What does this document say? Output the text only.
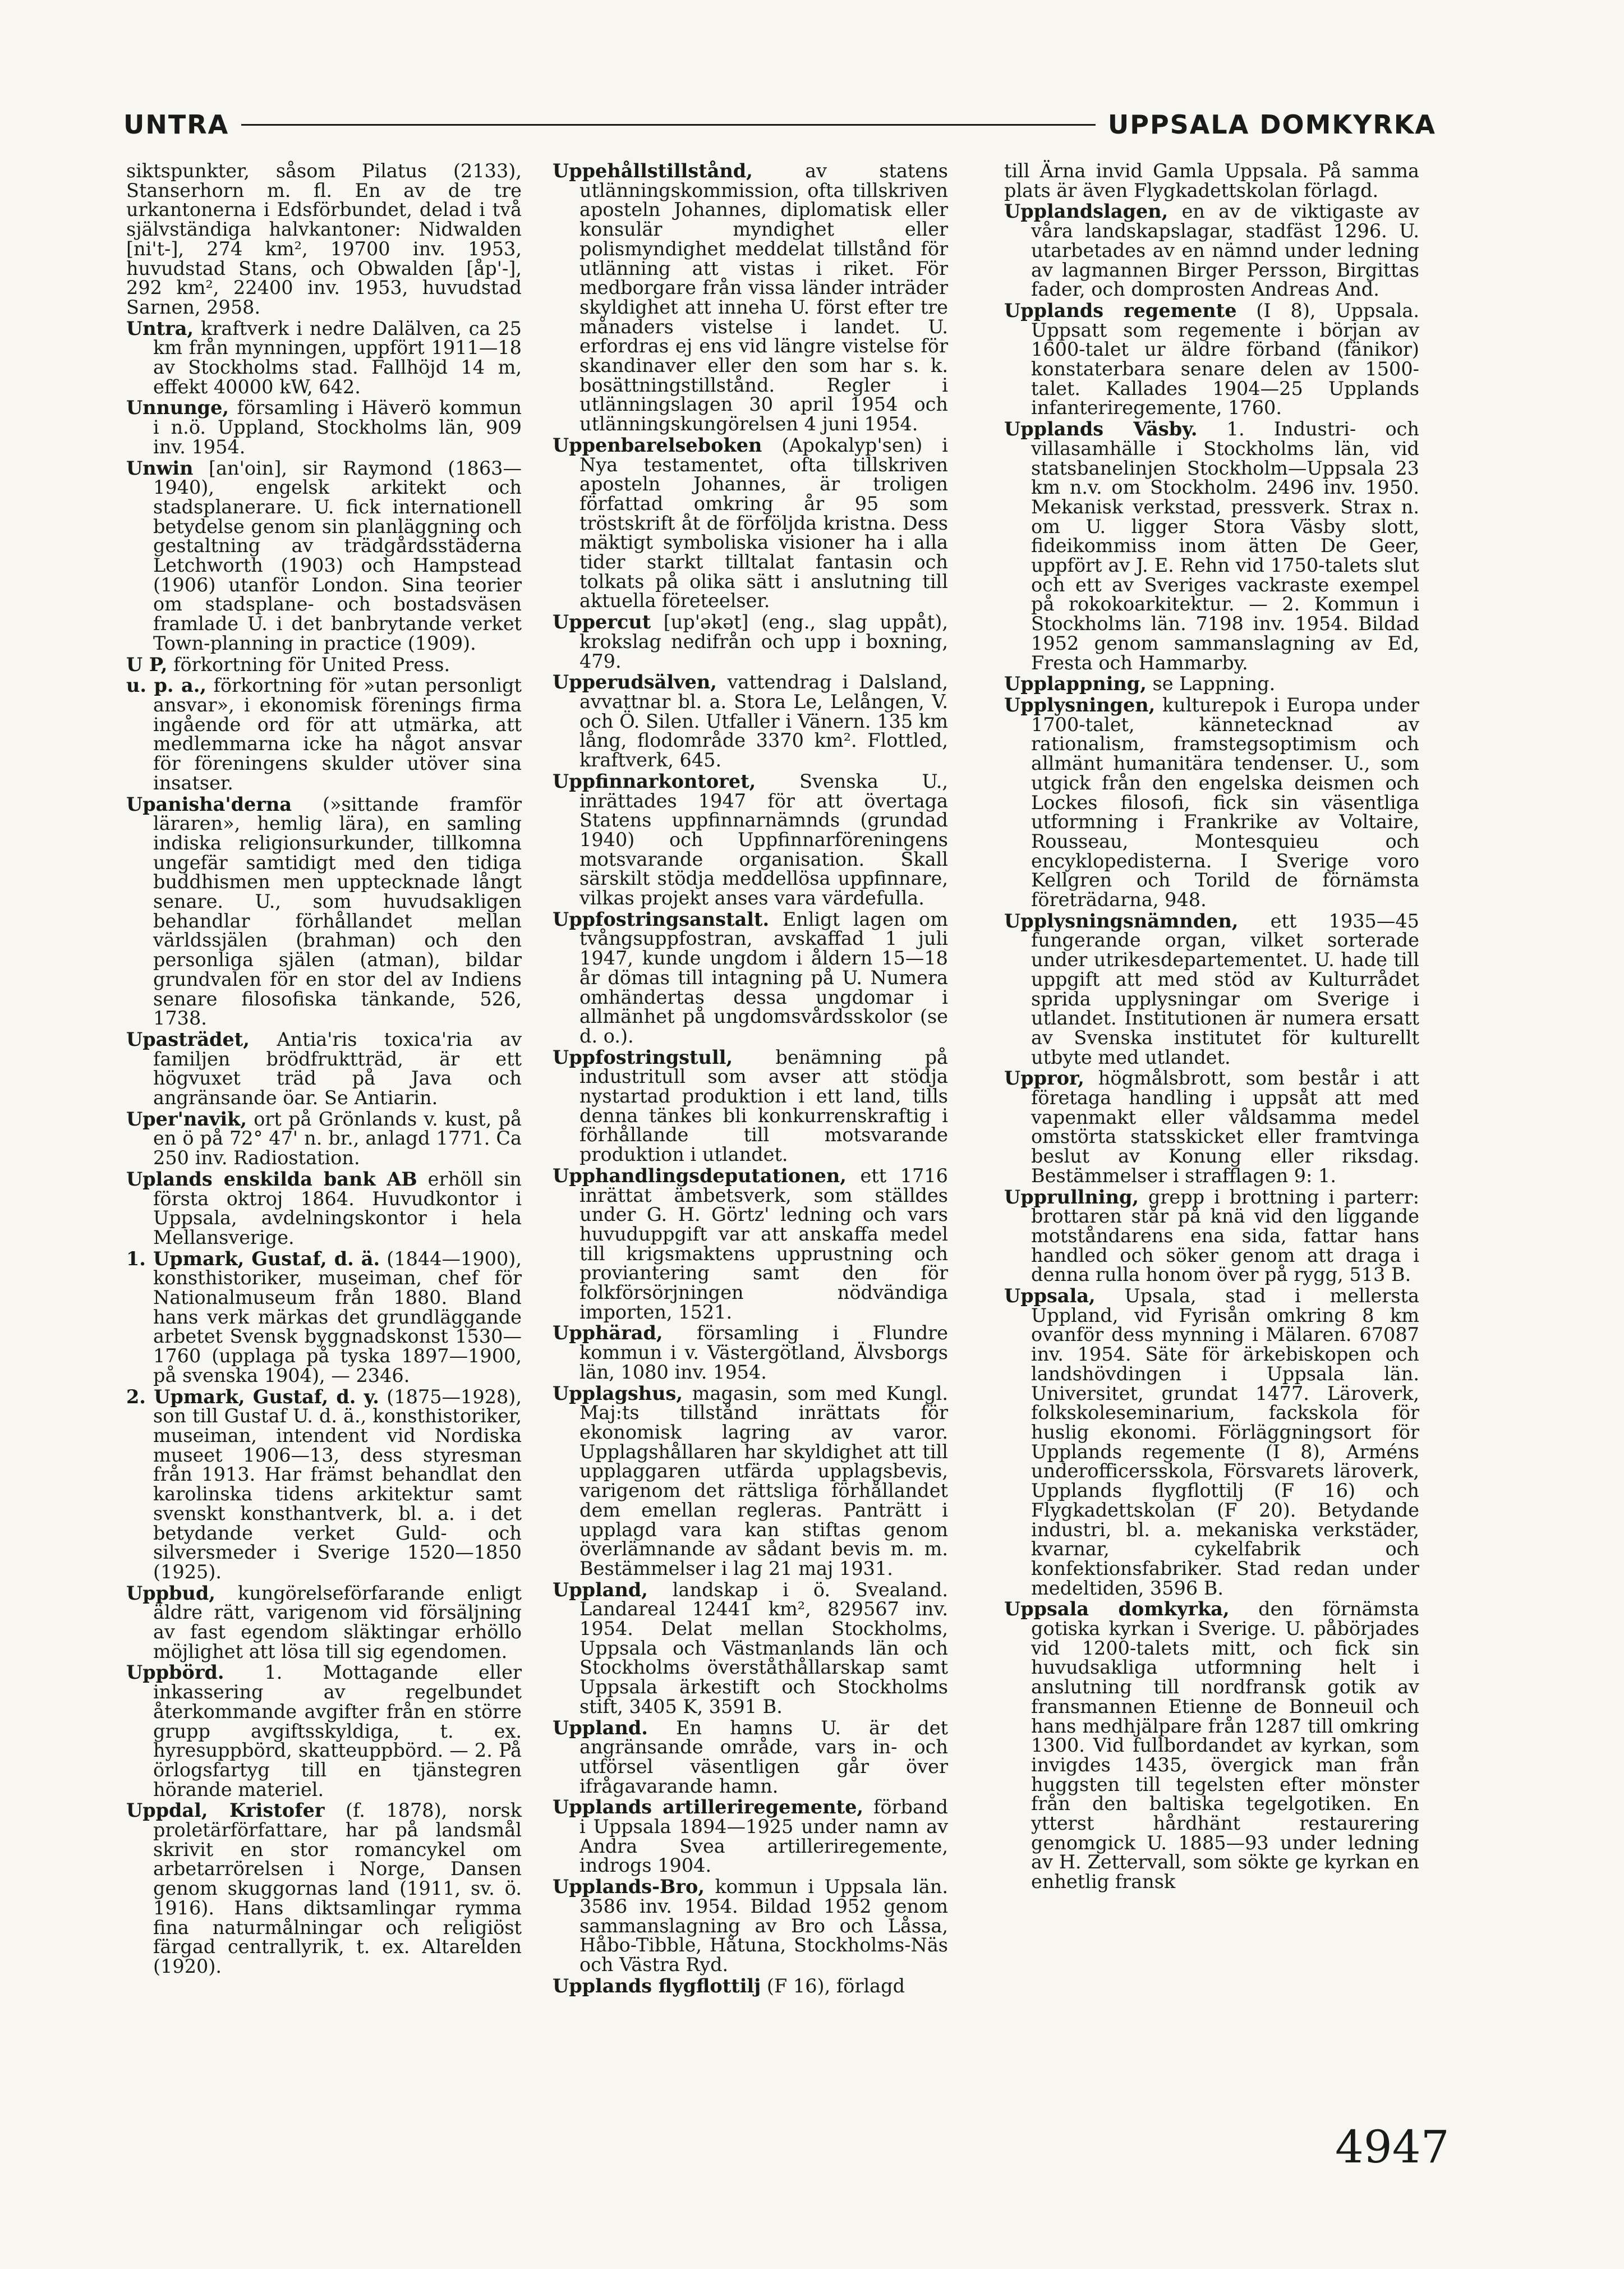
UNTRA	UPPSALA DOMKYRKA

siktspunkter, såsom Pilatus (2133), Stanserhorn m. fl. En av de tre urkantonerna i Edsförbundet, delad i två självständiga halvkantoner: Nidwalden [ni't-], 274 km², 19700 inv. 1953, huvudstad Stans, och Obwalden [åp'-], 292 km², 22400 inv. 1953, huvudstad Sarnen, 2958.

Untra, kraftverk i nedre Dalälven, ca 25 km från mynningen, uppfört 1911—18 av Stockholms stad. Fallhöjd 14 m, effekt 40000 kW, 642.

Unnunge, församling i Häverö kommun i n.ö. Uppland, Stockholms län, 909 inv. 1954.

Unwin [an'oin], sir Raymond (1863—1940), engelsk arkitekt och stadsplanerare. U. fick internationell betydelse genom sin planläggning och gestaltning av trädgårdsstäderna Letchworth (1903) och Hampstead (1906) utanför London. Sina teorier om stadsplane- och bostadsväsen framlade U. i det banbrytande verket Town-planning in practice (1909).

U P, förkortning för United Press.

u. p. a., förkortning för »utan personligt ansvar», i ekonomisk förenings firma ingående ord för att utmärka, att medlemmarna icke ha något ansvar för föreningens skulder utöver sina insatser.

Upanisha'derna (»sittande framför läraren», hemlig lära), en samling indiska religionsurkunder, tillkomna ungefär samtidigt med den tidiga buddhismen men upptecknade långt senare. U., som huvudsakligen behandlar förhållandet mellan världssjälen (brahman) och den personliga själen (atman), bildar grundvalen för en stor del av Indiens senare filosofiska tänkande, 526, 1738.

Upasträdet, Antia'ris toxica'ria av familjen brödfruktträd, är ett högvuxet träd på Java och angränsande öar. Se Antiarin.

Uper'navik, ort på Grönlands v. kust, på en ö på 72° 47' n. br., anlagd 1771. Ca 250 inv. Radiostation.

Uplands enskilda bank AB erhöll sin första oktroj 1864. Huvudkontor i Uppsala, avdelningskontor i hela Mellansverige.

1. Upmark, Gustaf, d. ä. (1844—1900), konsthistoriker, museiman, chef för Nationalmuseum från 1880. Bland hans verk märkas det grundläggande arbetet Svensk byggnadskonst 1530—1760 (upplaga på tyska 1897—1900, på svenska 1904), — 2346.

2. Upmark, Gustaf, d. y. (1875—1928), son till Gustaf U. d. ä., konsthistoriker, museiman, intendent vid Nordiska museet 1906—13, dess styresman från 1913. Har främst behandlat den karolinska tidens arkitektur samt svenskt konsthantverk, bl. a. i det betydande verket Guld- och silversmeder i Sverige 1520—1850 (1925).

Uppbud, kungörelseförfarande enligt äldre rätt, varigenom vid försäljning av fast egendom släktingar erhöllo möjlighet att lösa till sig egendomen.

Uppbörd. 1. Mottagande eller inkassering av regelbundet återkommande avgifter från en större grupp avgiftsskyldiga, t. ex. hyresuppbörd, skatteuppbörd. — 2. På örlogsfartyg till en tjänstegren hörande materiel.

Uppdal, Kristofer (f. 1878), norsk proletärförfattare, har på landsmål skrivit en stor romancykel om arbetarrörelsen i Norge, Dansen genom skuggornas land (1911, sv. ö. 1916). Hans diktsamlingar rymma fina naturmålningar och religiöst färgad centrallyrik, t. ex. Altarelden (1920).

Uppehållstillstånd, av statens utlänningskommission, ofta tillskriven aposteln Johannes, diplomatisk eller konsulär myndighet eller polismyndighet meddelat tillstånd för utlänning att vistas i riket. För medborgare från vissa länder inträder skyldighet att inneha U. först efter tre månaders vistelse i landet. U. erfordras ej ens vid längre vistelse för skandinaver eller den som har s. k. bosättningstillstånd. Regler i utlänningslagen 30 april 1954 och utlänningskungörelsen 4 juni 1954.

Uppenbarelseboken (Apokalyp'sen) i Nya testamentet, ofta tillskriven aposteln Johannes, är troligen författad omkring år 95 som tröstskrift åt de förföljda kristna. Dess mäktigt symboliska visioner ha i alla tider starkt tilltalat fantasin och tolkats på olika sätt i anslutning till aktuella företeelser.

Uppercut [up'əkət] (eng., slag uppåt), krokslag nedifrån och upp i boxning, 479.

Upperudsälven, vattendrag i Dalsland, avvattnar bl. a. Stora Le, Lelången, V. och Ö. Silen. Utfaller i Vänern. 135 km lång, flodområde 3370 km². Flottled, kraftverk, 645.

Uppfinnarkontoret, Svenska U., inrättades 1947 för att övertaga Statens uppfinnarnämnds (grundad 1940) och Uppfinnarföreningens motsvarande organisation. Skall särskilt stödja meddellösa uppfinnare, vilkas projekt anses vara värdefulla.

Uppfostringsanstalt. Enligt lagen om tvångsuppfostran, avskaffad 1 juli 1947, kunde ungdom i åldern 15—18 år dömas till intagning på U. Numera omhändertas dessa ungdomar i allmänhet på ungdomsvårdsskolor (se d. o.).

Uppfostringstull, benämning på industritull som avser att stödja nystartad produktion i ett land, tills denna tänkes bli konkurrenskraftig i förhållande till motsvarande produktion i utlandet.

Upphandlingsdeputationen, ett 1716 inrättat ämbetsverk, som ställdes under G. H. Görtz' ledning och vars huvuduppgift var att anskaffa medel till krigsmaktens upprustning och proviantering samt den för folkförsörjningen nödvändiga importen, 1521.

Upphärad, församling i Flundre kommun i v. Västergötland, Älvsborgs län, 1080 inv. 1954.

Upplagshus, magasin, som med Kungl. Maj:ts tillstånd inrättats för ekonomisk lagring av varor. Upplagshållaren har skyldighet att till upplaggaren utfärda upplagsbevis, varigenom det rättsliga förhållandet dem emellan regleras. Panträtt i upplagd vara kan stiftas genom överlämnande av sådant bevis m. m. Bestämmelser i lag 21 maj 1931.

Uppland, landskap i ö. Svealand. Landareal 12441 km², 829567 inv. 1954. Delat mellan Stockholms, Uppsala och Västmanlands län och Stockholms överståthållarskap samt Uppsala ärkestift och Stockholms stift, 3405 K, 3591 B.

Uppland. En hamns U. är det angränsande område, vars in- och utförsel väsentligen går över ifrågavarande hamn.

Upplands artilleriregemente, förband i Uppsala 1894—1925 under namn av Andra Svea artilleriregemente, indrogs 1904.

Upplands-Bro, kommun i Uppsala län. 3586 inv. 1954. Bildad 1952 genom sammanslagning av Bro och Låssa, Håbo-Tibble, Håtuna, Stockholms-Näs och Västra Ryd.

Upplands flygflottilj (F 16), förlagd

till Ärna invid Gamla Uppsala. På samma plats är även Flygkadettskolan förlagd.

Upplandslagen, en av de viktigaste av våra landskapslagar, stadfäst 1296. U. utarbetades av en nämnd under ledning av lagmannen Birger Persson, Birgittas fader, och domprosten Andreas And.

Upplands regemente (I 8), Uppsala. Uppsatt som regemente i början av 1600-talet ur äldre förband (fänikor) konstaterbara senare delen av 1500-talet. Kallades 1904—25 Upplands infanteriregemente, 1760.

Upplands Väsby. 1. Industri- och villasamhälle i Stockholms län, vid statsbanelinjen Stockholm—Uppsala 23 km n.v. om Stockholm. 2496 inv. 1950. Mekanisk verkstad, pressverk. Strax n. om U. ligger Stora Väsby slott, fideikommiss inom ätten De Geer, uppfört av J. E. Rehn vid 1750-talets slut och ett av Sveriges vackraste exempel på rokokoarkitektur. — 2. Kommun i Stockholms län. 7198 inv. 1954. Bildad 1952 genom sammanslagning av Ed, Fresta och Hammarby.

Upplappning, se Lappning.

Upplysningen, kulturepok i Europa under 1700-talet, kännetecknad av rationalism, framstegsoptimism och allmänt humanitära tendenser. U., som utgick från den engelska deismen och Lockes filosofi, fick sin väsentliga utformning i Frankrike av Voltaire, Rousseau, Montesquieu och encyklopedisterna. I Sverige voro Kellgren och Torild de förnämsta företrädarna, 948.

Upplysningsnämnden, ett 1935—45 fungerande organ, vilket sorterade under utrikesdepartementet. U. hade till uppgift att med stöd av Kulturrådet sprida upplysningar om Sverige i utlandet. Institutionen är numera ersatt av Svenska institutet för kulturellt utbyte med utlandet.

Uppror, högmålsbrott, som består i att företaga handling i uppsåt att med vapenmakt eller våldsamma medel omstörta statsskicket eller framtvinga beslut av Konung eller riksdag. Bestämmelser i strafflagen 9: 1.

Upprullning, grepp i brottning i parterr: brottaren står på knä vid den liggande motståndarens ena sida, fattar hans handled och söker genom att draga i denna rulla honom över på rygg, 513 B.

Uppsala, Upsala, stad i mellersta Uppland, vid Fyrisån omkring 8 km ovanför dess mynning i Mälaren. 67087 inv. 1954. Säte för ärkebiskopen och landshövdingen i Uppsala län. Universitet, grundat 1477. Läroverk, folkskoleseminarium, fackskola för huslig ekonomi. Förläggningsort för Upplands regemente (I 8), Arméns underofficersskola, Försvarets läroverk, Upplands flygflottilj (F 16) och Flygkadettskolan (F 20). Betydande industri, bl. a. mekaniska verkstäder, kvarnar, cykelfabrik och konfektionsfabriker. Stad redan under medeltiden, 3596 B.

Uppsala domkyrka, den förnämsta gotiska kyrkan i Sverige. U. påbörjades vid 1200-talets mitt, och fick sin huvudsakliga utformning helt i anslutning till nordfransk gotik av fransmannen Etienne de Bonneuil och hans medhjälpare från 1287 till omkring 1300. Vid fullbordandet av kyrkan, som invigdes 1435, övergick man från huggsten till tegelsten efter mönster från den baltiska tegelgotiken. En ytterst hårdhänt restaurering genomgick U. 1885—93 under ledning av H. Zettervall, som sökte ge kyrkan en enhetlig fransk

4947
